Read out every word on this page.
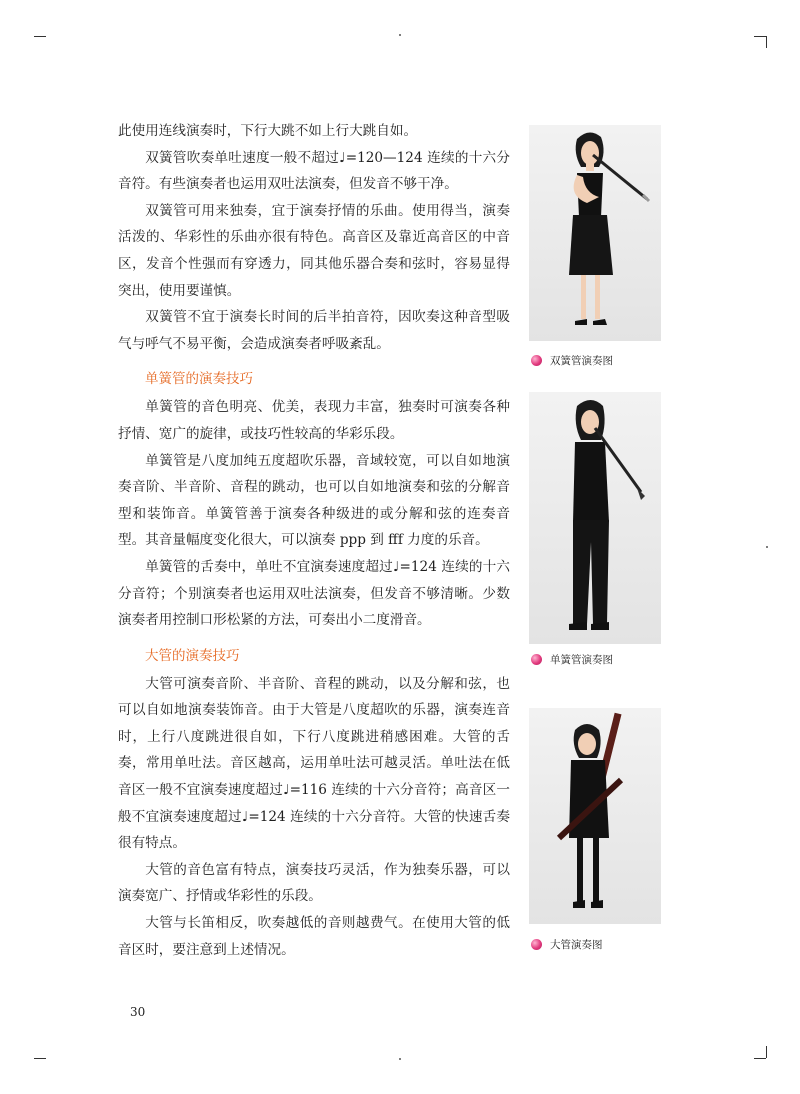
此使用连线演奏时，下行大跳不如上行大跳自如。

双簧管吹奏单吐速度一般不超过♩=120—124 连续的十六分音符。有些演奏者也运用双吐法演奏，但发音不够干净。

双簧管可用来独奏，宜于演奏抒情的乐曲。使用得当，演奏活泼的、华彩性的乐曲亦很有特色。高音区及靠近高音区的中音区，发音个性强而有穿透力，同其他乐器合奏和弦时，容易显得突出，使用要谨慎。

双簧管不宜于演奏长时间的后半拍音符，因吹奏这种音型吸气与呼气不易平衡，会造成演奏者呼吸紊乱。

单簧管的演奏技巧

单簧管的音色明亮、优美，表现力丰富，独奏时可演奏各种抒情、宽广的旋律，或技巧性较高的华彩乐段。

单簧管是八度加纯五度超吹乐器，音域较宽，可以自如地演奏音阶、半音阶、音程的跳动，也可以自如地演奏和弦的分解音型和装饰音。单簧管善于演奏各种级进的或分解和弦的连奏音型。其音量幅度变化很大，可以演奏 ppp 到 fff 力度的乐音。

单簧管的舌奏中，单吐不宜演奏速度超过♩=124 连续的十六分音符；个别演奏者也运用双吐法演奏，但发音不够清晰。少数演奏者用控制口形松紧的方法，可奏出小二度滑音。

大管的演奏技巧

大管可演奏音阶、半音阶、音程的跳动，以及分解和弦，也可以自如地演奏装饰音。由于大管是八度超吹的乐器，演奏连音时，上行八度跳进很自如，下行八度跳进稍感困难。大管的舌奏，常用单吐法。音区越高，运用单吐法可越灵活。单吐法在低音区一般不宜演奏速度超过♩=116 连续的十六分音符；高音区一般不宜演奏速度超过♩=124 连续的十六分音符。大管的快速舌奏很有特点。

大管的音色富有特点，演奏技巧灵活，作为独奏乐器，可以演奏宽广、抒情或华彩性的乐段。

大管与长笛相反，吹奏越低的音则越费气。在使用大管的低音区时，要注意到上述情况。

双簧管演奏图
单簧管演奏图
大管演奏图
30
